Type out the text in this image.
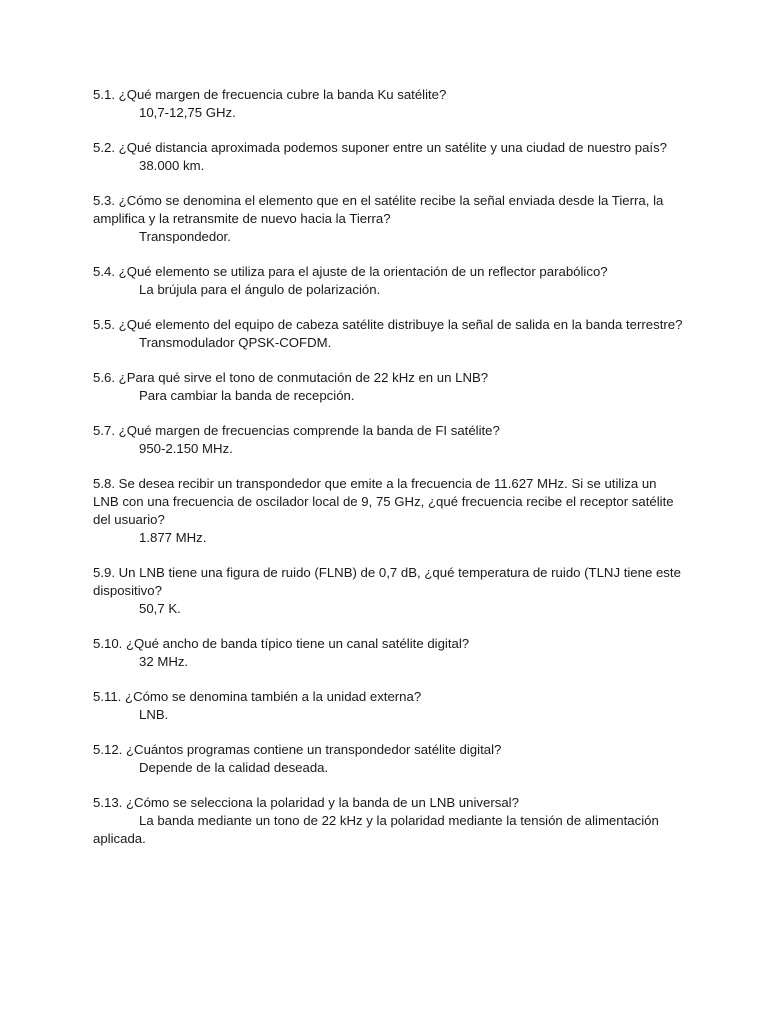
5.1. ¿Qué margen de frecuencia cubre la banda Ku satélite?

10,7-12,75 GHz.

5.2. ¿Qué distancia aproximada podemos suponer entre un satélite y una ciudad de nuestro país?

38.000 km.

5.3. ¿Cómo se denomina el elemento que en el satélite recibe la señal enviada desde la Tierra, la amplifica y la retransmite de nuevo hacia la Tierra?

Transpondedor.

5.4. ¿Qué elemento se utiliza para el ajuste de la orientación de un reflector parabólico?

La brújula para el ángulo de polarización.

5.5. ¿Qué elemento del equipo de cabeza satélite distribuye la señal de salida en la banda terrestre?

Transmodulador QPSK-COFDM.

5.6. ¿Para qué sirve el tono de conmutación de 22 kHz en un LNB?

Para cambiar la banda de recepción.

5.7. ¿Qué margen de frecuencias comprende la banda de FI satélite?

950-2.150 MHz.

5.8. Se desea recibir un transpondedor que emite a la frecuencia de 11.627 MHz. Si se utiliza un LNB con una frecuencia de oscilador local de 9, 75 GHz, ¿qué frecuencia recibe el receptor satélite del usuario?

1.877 MHz.

5.9. Un LNB tiene una figura de ruido (FLNB) de 0,7 dB, ¿qué temperatura de ruido (TLNJ tiene este dispositivo?

50,7 K.

5.10. ¿Qué ancho de banda típico tiene un canal satélite digital?

32 MHz.

5.11. ¿Cómo se denomina también a la unidad externa?

LNB.

5.12. ¿Cuántos programas contiene un transpondedor satélite digital?

Depende de la calidad deseada.

5.13. ¿Cómo se selecciona la polaridad y la banda de un LNB universal?

La banda mediante un tono de 22 kHz y la polaridad mediante la tensión de alimentación aplicada.
